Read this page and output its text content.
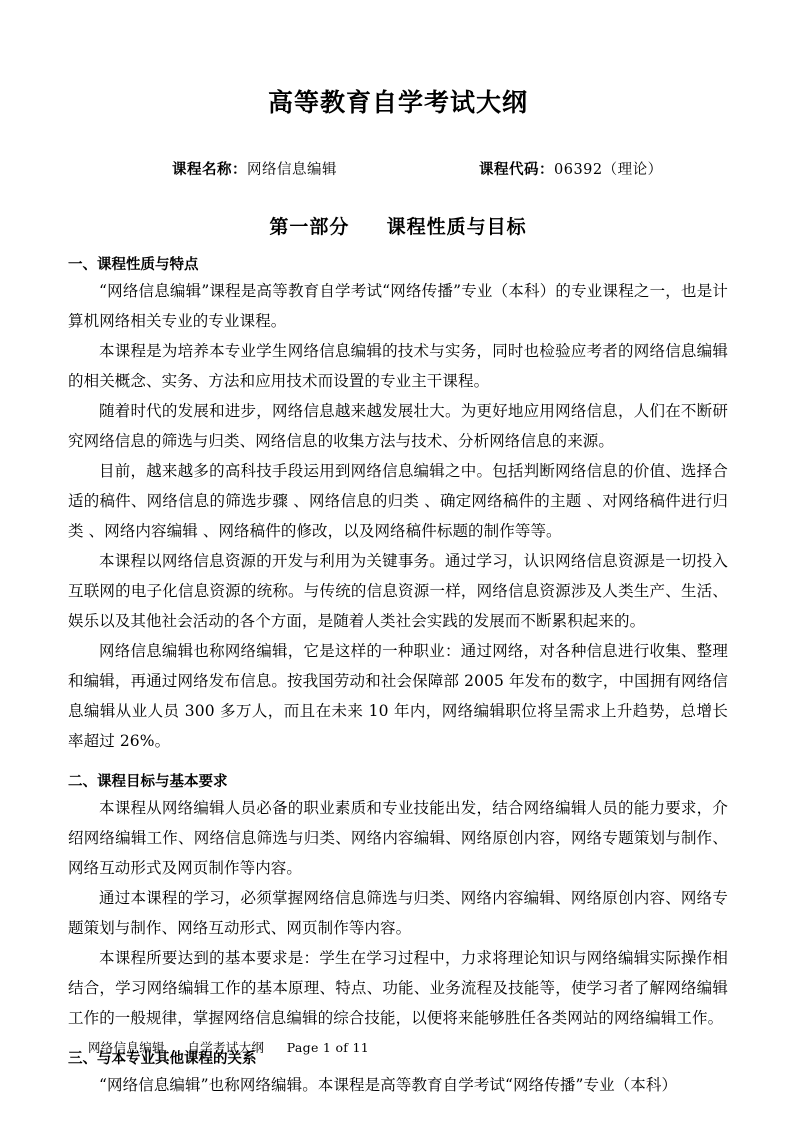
高等教育自学考试大纲
课程名称： 网络信息编辑	课程代码： 06392（理论）
第一部分 课程性质与目标
一、课程性质与特点

“网络信息编辑”课程是高等教育自学考试“网络传播”专业（本科）的专业课程之一，也是计算机网络相关专业的专业课程。

本课程是为培养本专业学生网络信息编辑的技术与实务，同时也检验应考者的网络信息编辑的相关概念、实务、方法和应用技术而设置的专业主干课程。

随着时代的发展和进步，网络信息越来越发展壮大。为更好地应用网络信息，人们在不断研究网络信息的筛选与归类、网络信息的收集方法与技术、分析网络信息的来源。

目前，越来越多的高科技手段运用到网络信息编辑之中。包括判断网络信息的价值、选择合适的稿件、网络信息的筛选步骤 、网络信息的归类 、确定网络稿件的主题 、对网络稿件进行归类 、网络内容编辑 、网络稿件的修改，以及网络稿件标题的制作等等。

本课程以网络信息资源的开发与利用为关键事务。通过学习，认识网络信息资源是一切投入互联网的电子化信息资源的统称。与传统的信息资源一样，网络信息资源涉及人类生产、生活、娱乐以及其他社会活动的各个方面，是随着人类社会实践的发展而不断累积起来的。

网络信息编辑也称网络编辑，它是这样的一种职业：通过网络，对各种信息进行收集、整理和编辑，再通过网络发布信息。按我国劳动和社会保障部 2005 年发布的数字，中国拥有网络信息编辑从业人员 300 多万人，而且在未来 10 年内，网络编辑职位将呈需求上升趋势，总增长率超过 26%。

二、课程目标与基本要求

本课程从网络编辑人员必备的职业素质和专业技能出发，结合网络编辑人员的能力要求，介绍网络编辑工作、网络信息筛选与归类、网络内容编辑、网络原创内容，网络专题策划与制作、网络互动形式及网页制作等内容。

通过本课程的学习，必须掌握网络信息筛选与归类、网络内容编辑、网络原创内容、网络专题策划与制作、网络互动形式、网页制作等内容。

本课程所要达到的基本要求是：学生在学习过程中，力求将理论知识与网络编辑实际操作相结合，学习网络编辑工作的基本原理、特点、功能、业务流程及技能等，使学习者了解网络编辑工作的一般规律，掌握网络信息编辑的综合技能，以便将来能够胜任各类网站的网络编辑工作。

三、与本专业其他课程的关系

“网络信息编辑”也称网络编辑。本课程是高等教育自学考试“网络传播”专业（本科）

网络信息编辑 自学考试大纲 Page 1 of 11
